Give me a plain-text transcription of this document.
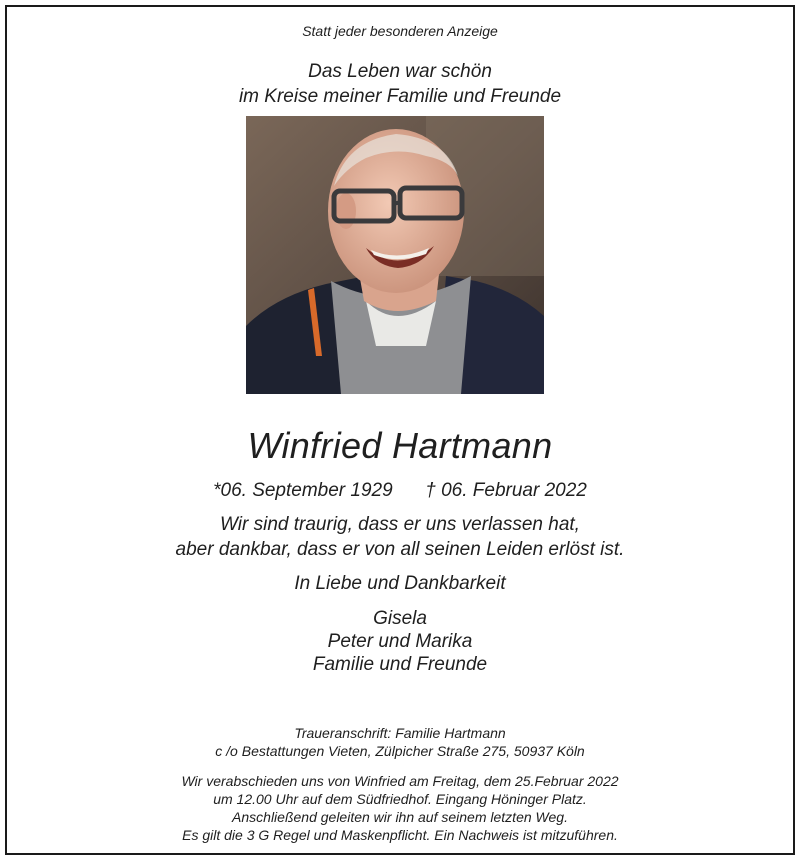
Statt jeder besonderen Anzeige
Das Leben war schön
im Kreise meiner Familie und Freunde
Winfried Hartmann
*06. September 1929 † 06. Februar 2022
Wir sind traurig, dass er uns verlassen hat,
aber dankbar, dass er von all seinen Leiden erlöst ist.
In Liebe und Dankbarkeit
Gisela
Peter und Marika
Familie und Freunde
Traueranschrift: Familie Hartmann
c /o Bestattungen Vieten, Zülpicher Straße 275, 50937 Köln
Wir verabschieden uns von Winfried am Freitag, dem 25.Februar 2022
um 12.00 Uhr auf dem Südfriedhof. Eingang Höninger Platz.
Anschließend geleiten wir ihn auf seinem letzten Weg.
Es gilt die 3 G Regel und Maskenpflicht. Ein Nachweis ist mitzuführen.
